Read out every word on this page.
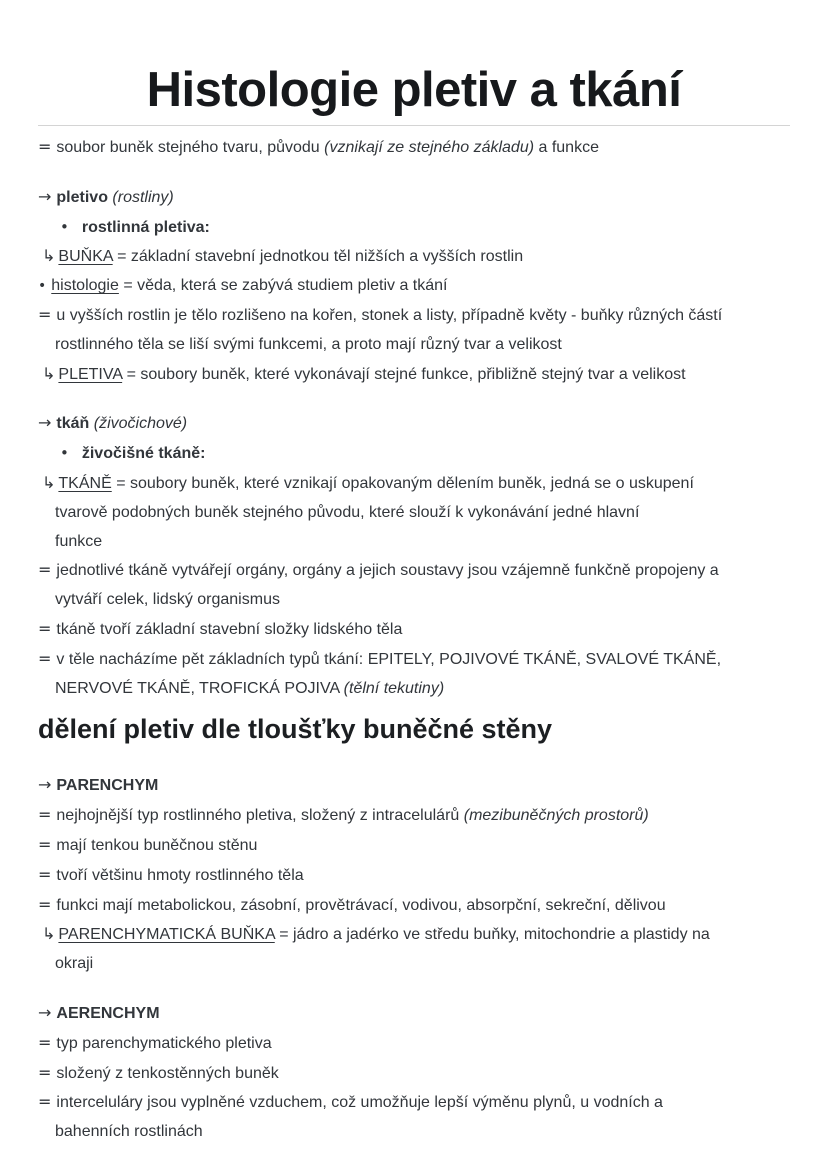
Histologie pletiv a tkání
= soubor buněk stejného tvaru, původu (vznikají ze stejného základu) a funkce
→ pletivo (rostliny)
• rostlinná pletiva:
↳ BUŇKA = základní stavební jednotkou těl nižších a vyšších rostlin
• histologie = věda, která se zabývá studiem pletiv a tkání
= u vyšších rostlin je tělo rozlišeno na kořen, stonek a listy, případně květy - buňky různých částí
rostlinného těla se liší svými funkcemi, a proto mají různý tvar a velikost
↳ PLETIVA = soubory buněk, které vykonávají stejné funkce, přibližně stejný tvar a velikost
→ tkáň (živočichové)
• živočišné tkáně:
↳ TKÁNĚ = soubory buněk, které vznikají opakovaným dělením buněk, jedná se o uskupení
tvarově podobných buněk stejného původu, které slouží k vykonávání jedné hlavní
funkce
= jednotlivé tkáně vytvářejí orgány, orgány a jejich soustavy jsou vzájemně funkčně propojeny a
vytváří celek, lidský organismus
= tkáně tvoří základní stavební složky lidského těla
= v těle nacházíme pět základních typů tkání: EPITELY, POJIVOVÉ TKÁNĚ, SVALOVÉ TKÁNĚ,
NERVOVÉ TKÁNĚ, TROFICKÁ POJIVA (tělní tekutiny)
dělení pletiv dle tloušťky buněčné stěny
→ PARENCHYM
= nejhojnější typ rostlinného pletiva, složený z intracelulárů (mezibuněčných prostorů)
= mají tenkou buněčnou stěnu
= tvoří většinu hmoty rostlinného těla
= funkci mají metabolickou, zásobní, provětrávací, vodivou, absorpční, sekreční, dělivou
↳ PARENCHYMATICKÁ BUŇKA = jádro a jadérko ve středu buňky, mitochondrie a plastidy na
okraji
→ AERENCHYM
= typ parenchymatického pletiva
= složený z tenkostěnných buněk
= interceluláry jsou vyplněné vzduchem, což umožňuje lepší výměnu plynů, u vodních a
bahenních rostlinách
